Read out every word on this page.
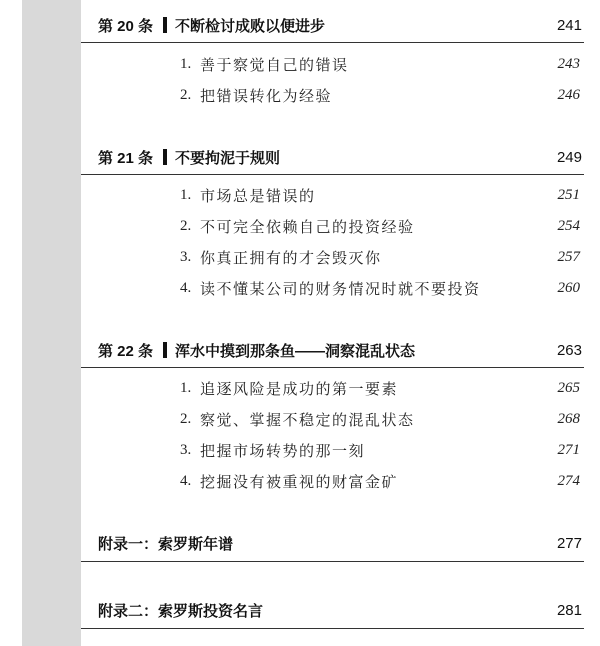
第 20 条 不断检讨成败以便进步	241
1. 善于察觉自己的错误	243
2. 把错误转化为经验	246
第 21 条 不要拘泥于规则	249
1. 市场总是错误的	251
2. 不可完全依赖自己的投资经验	254
3. 你真正拥有的才会毁灭你	257
4. 读不懂某公司的财务情况时就不要投资	260
第 22 条 浑水中摸到那条鱼——洞察混乱状态	263
1. 追逐风险是成功的第一要素	265
2. 察觉、掌握不稳定的混乱状态	268
3. 把握市场转势的那一刻	271
4. 挖掘没有被重视的财富金矿	274
附录一：索罗斯年谱	277
附录二：索罗斯投资名言	281
